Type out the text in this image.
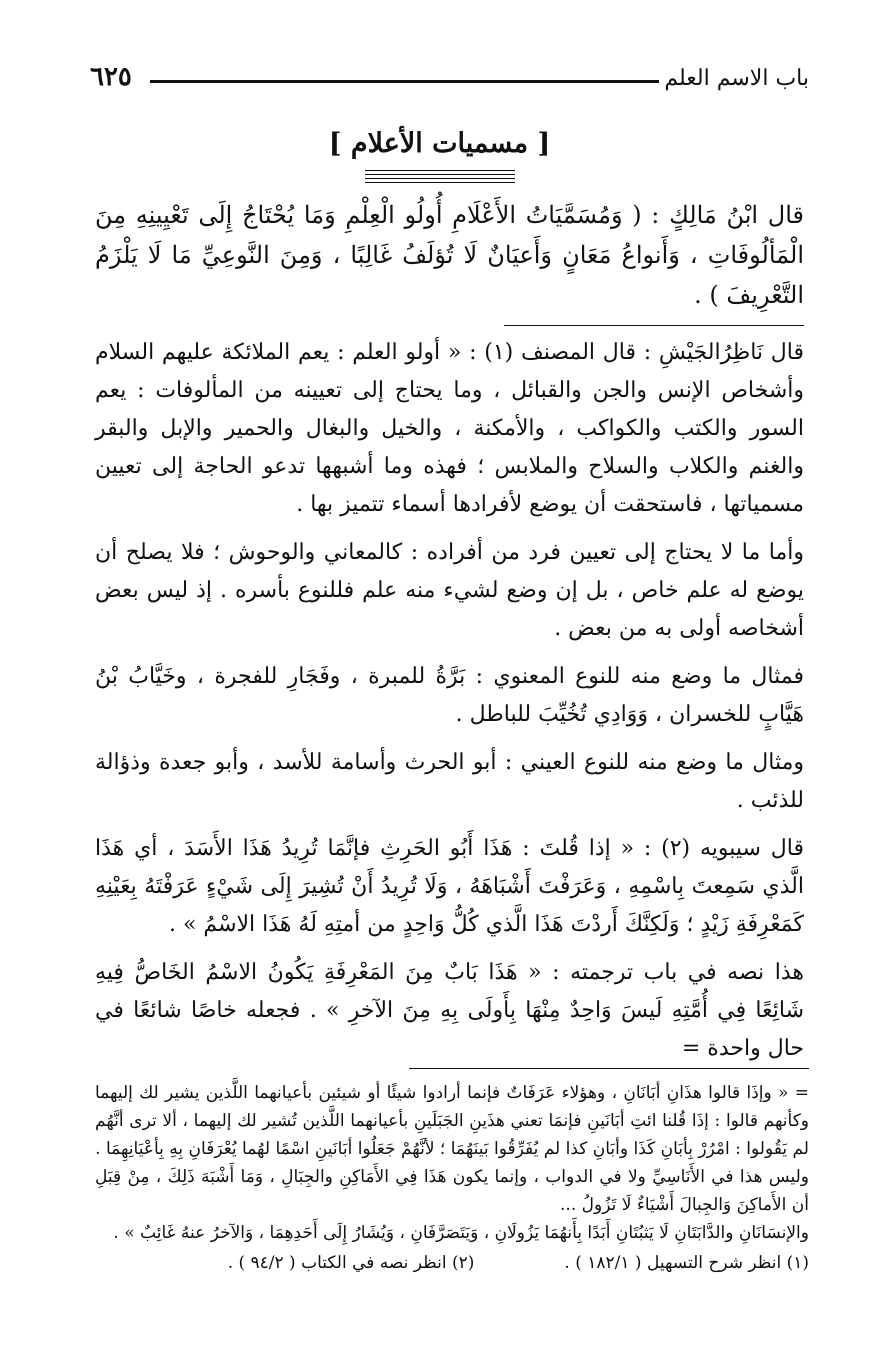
باب الاسم العلم
٦٢٥
[ مسميات الأعلام ]

قال ابْنُ مَالِكٍ : ( وَمُسَمَّيَاتُ الأَعْلَامِ أُولُو الْعِلْمِ وَمَا يُحْتَاجُ إِلَى تَعْيِينِهِ مِنَ الْمَألُوفَاتِ ، وَأَنواعُ مَعَانٍ وَأَعيَانٌ لَا تُؤلَفُ غَالِبًا ، وَمِنَ النَّوعِيِّ مَا لَا يَلْزَمُ التَّعْرِيفَ ) .

قال نَاظِرُالجَيْشِ : قال المصنف (١) : « أولو العلم : يعم الملائكة عليهم السلام وأشخاص الإنس والجن والقبائل ، وما يحتاج إلى تعيينه من المألوفات : يعم السور والكتب والكواكب ، والأمكنة ، والخيل والبغال والحمير والإبل والبقر والغنم والكلاب والسلاح والملابس ؛ فهذه وما أشبهها تدعو الحاجة إلى تعيين مسمياتها ، فاستحقت أن يوضع لأفرادها أسماء تتميز بها .

وأما ما لا يحتاج إلى تعيين فرد من أفراده : كالمعاني والوحوش ؛ فلا يصلح أن يوضع له علم خاص ، بل إن وضع لشيء منه علم فللنوع بأسره . إذ ليس بعض أشخاصه أولى به من بعض .

فمثال ما وضع منه للنوع المعنوي : بَرَّةُ للمبرة ، وفَجَارِ للفجرة ، وخَيَّابُ بْنُ هَيَّابٍ للخسران ، وَوَادِي تُخُيِّبَ للباطل .

ومثال ما وضع منه للنوع العيني : أبو الحرث وأسامة للأسد ، وأبو جعدة وذؤالة للذئب .

قال سيبويه (٢) : « إذا قُلتَ : هَذَا أَبُو الحَرِثِ فإنَّمَا تُرِيدُ هَذَا الأَسَدَ ، أي هَذَا الَّذي سَمِعتَ بِاسْمِهِ ، وَعَرَفْتَ أَشْبَاهَهُ ، وَلَا تُرِيدُ أَنْ تُشِيرَ إِلَى شَيْءٍ عَرَفْتَهُ بِعَيْنِهِ كَمَعْرِفَةِ زَيْدٍ ؛ وَلَكِنَّكَ أَردْتَ هَذَا الَّذي كُلُّ وَاحِدٍ من أمتِهِ لَهُ هَذَا الاسْمُ » .

هذا نصه في باب ترجمته : « هَذَا بَابٌ مِنَ المَعْرِفَةِ يَكُونُ الاسْمُ الخَاصُّ فِيهِ شَائِعًا فِي أُمَّتِهِ لَيسَ وَاحِدٌ مِنْهَا بِأَولَى بِهِ مِنَ الآخرِ » . فجعله خاصًا شائعًا في حال واحدة =

= « وإذَا قالوا هذَانِ أبَانَانِ ، وهؤلاء عَرَفَاتٌ فإنما أرادوا شيئًا أو شيئين بأعيانهما اللَّذين يشير لك إليهما وكأنهم قالوا : إذَا قُلنا ائتِ أبَانَينِ فإنمَا تعني هذَينِ الجَبَلَينِ بأعيانهما اللَّذين تُشير لك إليهما ، ألا ترى أنَّهُم لم يَقُولوا : امْرُرْ بِأبَانِ كَذَا وأبَانِ كذا لم يُفَرِّقُوا بَينَهُمَا ؛ لأنَّهُمْ جَعَلُوا أبَانَينِ اسْمًا لهُما يُعْرَفَانِ بِهِ بِأعْيَانِهِمَا .

وليس هذا في الأَنَاسِيِّ ولا في الدواب ، وإنما يكون هَذَا فِي الأَمَاكِنِ والجِبَالِ ، وَمَا أَشْبَهَ ذَلِكَ ، مِنْ قِبَلِ أن الأَماكِنَ وَالجِبالَ أَشْيَاءٌ لَا تَزُولُ ...

والإنسَانَانِ والدَّابَتَانِ لَا يَثبُتَانِ أَبَدًا بِأَنهُمَا يَزُولَانِ ، وَيَتَصَرَّفَانِ ، وَيُشَارُ إِلَى أَحَدِهِمَا ، وَالآخرُ عنهُ غَائِبٌ » .

(١) انظر شرح التسهيل ( ١٨٢/١ ) .
(٢) انظر نصه في الكتاب ( ٩٤/٢ ) .
